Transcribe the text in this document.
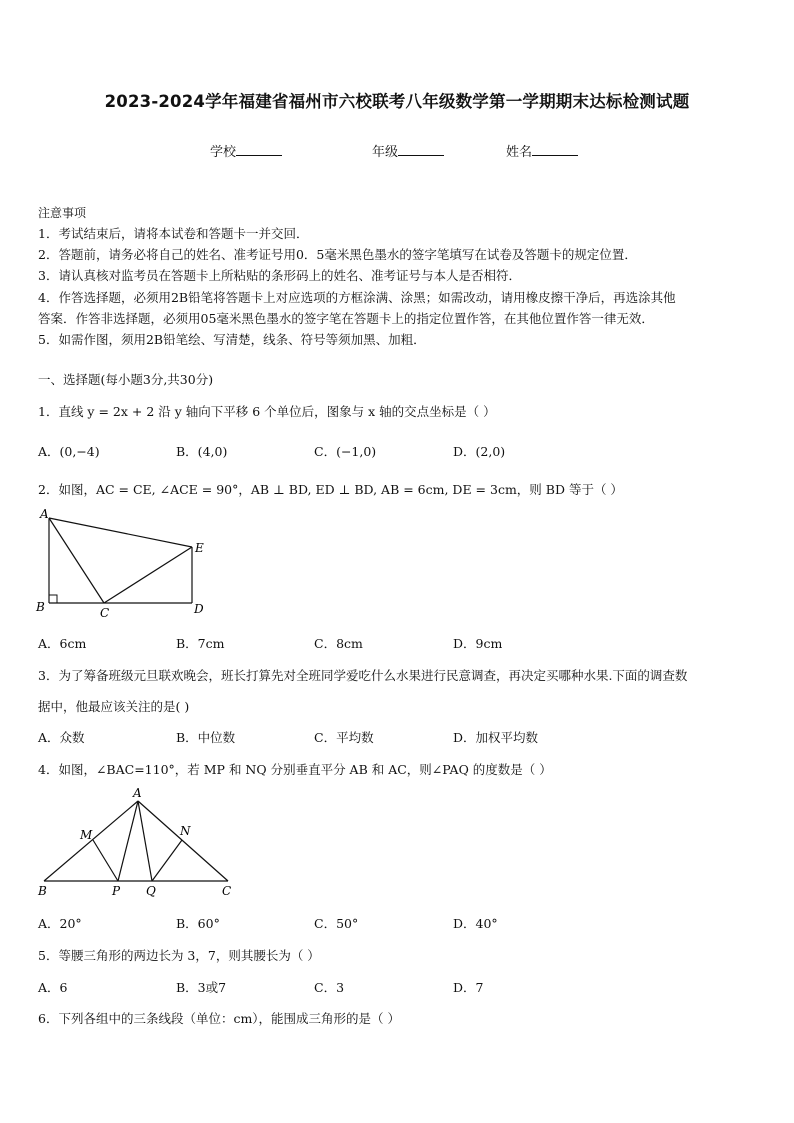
2023-2024学年福建省福州市六校联考八年级数学第一学期期末达标检测试题
学校	年级	姓名
注意事项
1．考试结束后，请将本试卷和答题卡一并交回．
2．答题前，请务必将自己的姓名、准考证号用0．5毫米黑色墨水的签字笔填写在试卷及答题卡的规定位置．
3．请认真核对监考员在答题卡上所粘贴的条形码上的姓名、准考证号与本人是否相符．
4．作答选择题，必须用2B铅笔将答题卡上对应选项的方框涂满、涂黑；如需改动，请用橡皮擦干净后，再选涂其他
答案．作答非选择题，必须用05毫米黑色墨水的签字笔在答题卡上的指定位置作答，在其他位置作答一律无效．
5．如需作图，须用2B铅笔绘、写清楚，线条、符号等须加黑、加粗．
一、选择题(每小题3分,共30分)
1．直线 y = 2x + 2 沿 y 轴向下平移 6 个单位后，图象与 x 轴的交点坐标是（ ）
A．(0,−4)	B．(4,0)	C．(−1,0)	D．(2,0)
2．如图，AC = CE, ∠ACE = 90°，AB ⊥ BD, ED ⊥ BD, AB = 6cm, DE = 3cm，则 BD 等于（ ）
A
B	C	D
E
A．6cm	B．7cm	C．8cm	D．9cm
3．为了筹备班级元旦联欢晚会，班长打算先对全班同学爱吃什么水果进行民意调查，再决定买哪种水果.下面的调查数
据中，他最应该关注的是( )
A．众数	B．中位数	C．平均数	D．加权平均数
4．如图，∠BAC=110°，若 MP 和 NQ 分别垂直平分 AB 和 AC，则∠PAQ 的度数是（ ）
A
M	N
B	P Q	C
A．20°	B．60°	C．50°	D．40°
5．等腰三角形的两边长为 3，7，则其腰长为（ ）
A．6	B．3或7	C．3	D．7
6．下列各组中的三条线段（单位：cm），能围成三角形的是（ ）
